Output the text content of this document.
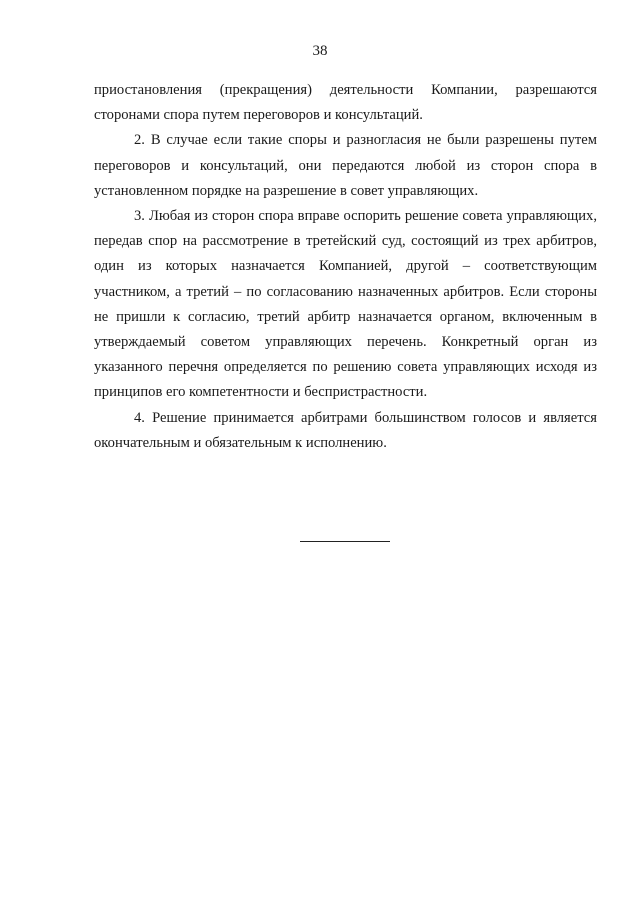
38

приостановления (прекращения) деятельности Компании, разрешаются сторонами спора путем переговоров и консультаций.

2. В случае если такие споры и разногласия не были разрешены путем переговоров и консультаций, они передаются любой из сторон спора в установленном порядке на разрешение в совет управляющих.

3. Любая из сторон спора вправе оспорить решение совета управляющих, передав спор на рассмотрение в третейский суд, состоящий из трех арбитров, один из которых назначается Компанией, другой – соответствующим участником, а третий – по согласованию назначенных арбитров. Если стороны не пришли к согласию, третий арбитр назначается органом, включенным в утверждаемый советом управляющих перечень. Конкретный орган из указанного перечня определяется по решению совета управляющих исходя из принципов его компетентности и беспристрастности.

4. Решение принимается арбитрами большинством голосов и является окончательным и обязательным к исполнению.
